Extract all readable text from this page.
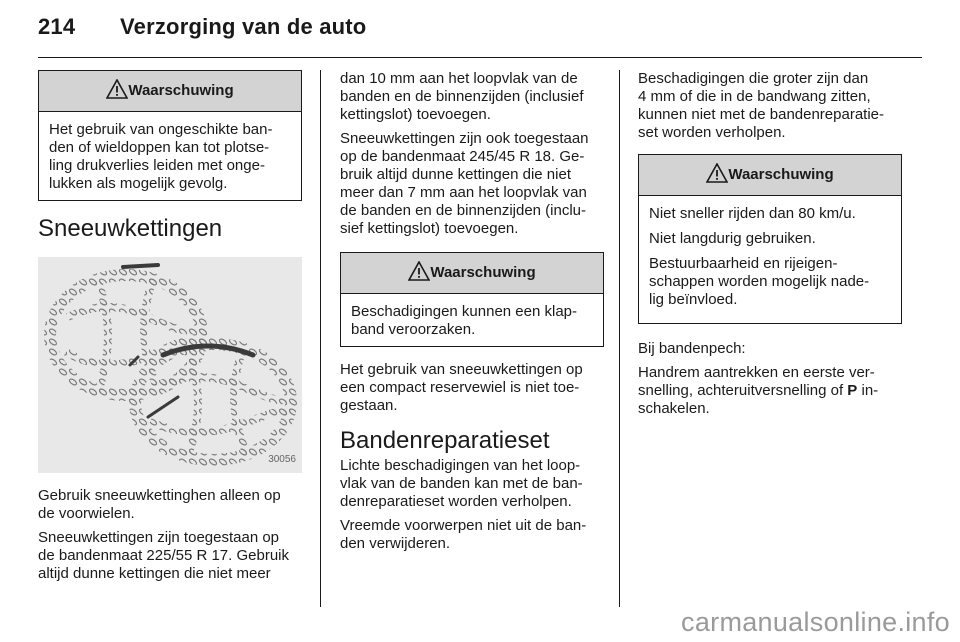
214 Verzorging van de auto
Waarschuwing
Het gebruik van ongeschikte ban-
den of wieldoppen kan tot plotse-
ling drukverlies leiden met onge-
lukken als mogelijk gevolg.
Sneeuwkettingen
30056
Gebruik sneeuwkettinghen alleen op
de voorwielen.
Sneeuwkettingen zijn toegestaan op
de bandenmaat 225/55 R 17. Gebruik
altijd dunne kettingen die niet meer
dan 10 mm aan het loopvlak van de
banden en de binnenzijden (inclusief
kettingslot) toevoegen.
Sneeuwkettingen zijn ook toegestaan
op de bandenmaat 245/45 R 18. Ge-
bruik altijd dunne kettingen die niet
meer dan 7 mm aan het loopvlak van
de banden en de binnenzijden (inclu-
sief kettingslot) toevoegen.
Waarschuwing
Beschadigingen kunnen een klap-
band veroorzaken.
Het gebruik van sneeuwkettingen op
een compact reservewiel is niet toe-
gestaan.
Bandenreparatieset
Lichte beschadigingen van het loop-
vlak van de banden kan met de ban-
denreparatieset worden verholpen.
Vreemde voorwerpen niet uit de ban-
den verwijderen.
Beschadigingen die groter zijn dan
4 mm of die in de bandwang zitten,
kunnen niet met de bandenreparatie-
set worden verholpen.
Waarschuwing
Niet sneller rijden dan 80 km/u.
Niet langdurig gebruiken.
Bestuurbaarheid en rijeigen-
schappen worden mogelijk nade-
lig beïnvloed.
Bij bandenpech:
Handrem aantrekken en eerste ver-
snelling, achteruitversnelling of P in-
schakelen.
carmanualsonline.info
